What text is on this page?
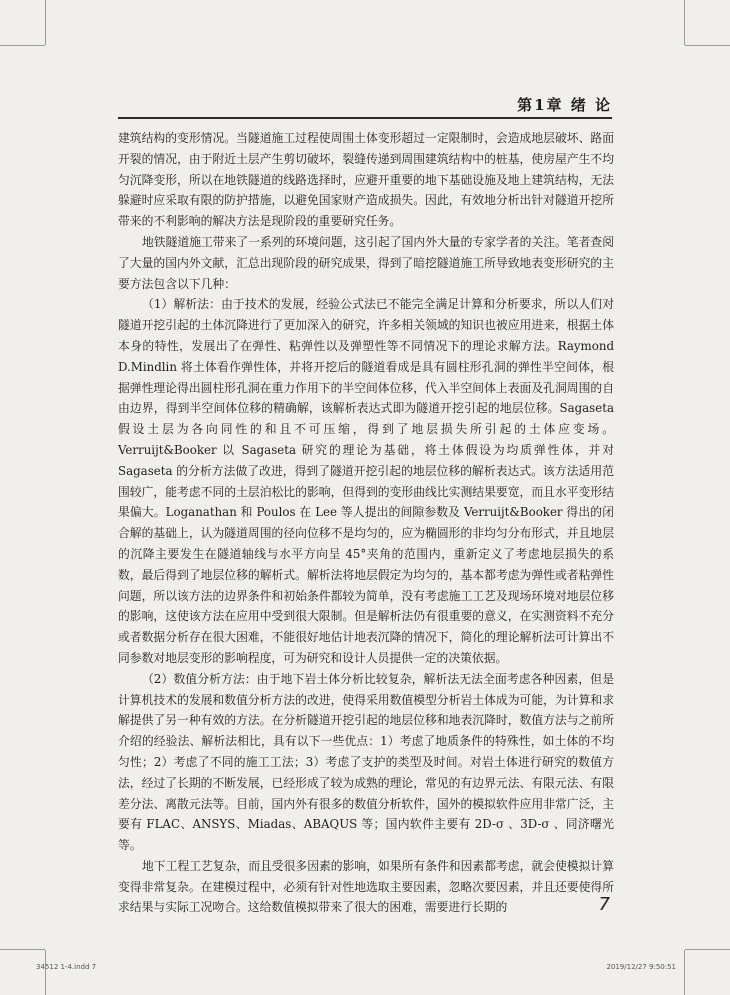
第1章 绪 论

建筑结构的变形情况。当隧道施工过程使周围土体变形超过一定限制时，会造成地层破坏、路面开裂的情况，由于附近土层产生剪切破坏，裂缝传递到周围建筑结构中的桩基，使房屋产生不均匀沉降变形，所以在地铁隧道的线路选择时，应避开重要的地下基础设施及地上建筑结构，无法躲避时应采取有限的防护措施，以避免国家财产造成损失。因此，有效地分析出针对隧道开挖所带来的不利影响的解决方法是现阶段的重要研究任务。

地铁隧道施工带来了一系列的环境问题，这引起了国内外大量的专家学者的关注。笔者查阅了大量的国内外文献，汇总出现阶段的研究成果，得到了暗挖隧道施工所导致地表变形研究的主要方法包含以下几种：

（1）解析法：由于技术的发展，经验公式法已不能完全满足计算和分析要求，所以人们对隧道开挖引起的土体沉降进行了更加深入的研究，许多相关领域的知识也被应用进来，根据土体本身的特性，发展出了在弹性、粘弹性以及弹塑性等不同情况下的理论求解方法。Raymond D.Mindlin 将土体看作弹性体，并将开挖后的隧道看成是具有圆柱形孔洞的弹性半空间体，根据弹性理论得出圆柱形孔洞在重力作用下的半空间体位移，代入半空间体上表面及孔洞周围的自由边界，得到半空间体位移的精确解，该解析表达式即为隧道开挖引起的地层位移。Sagaseta 假设土层为各向同性的和且不可压缩，得到了地层损失所引起的土体应变场。Verruijt&Booker 以 Sagaseta 研究的理论为基础，将土体假设为均质弹性体，并对 Sagaseta 的分析方法做了改进，得到了隧道开挖引起的地层位移的解析表达式。该方法适用范围较广，能考虑不同的土层泊松比的影响，但得到的变形曲线比实测结果要宽，而且水平变形结果偏大。Loganathan 和 Poulos 在 Lee 等人提出的间隙参数及 Verruijt&Booker 得出的闭合解的基础上，认为隧道周围的径向位移不是均匀的，应为椭圆形的非均匀分布形式，并且地层的沉降主要发生在隧道轴线与水平方向呈 45°夹角的范围内，重新定义了考虑地层损失的系数，最后得到了地层位移的解析式。解析法将地层假定为均匀的，基本都考虑为弹性或者粘弹性问题，所以该方法的边界条件和初始条件都较为简单，没有考虑施工工艺及现场环境对地层位移的影响，这使该方法在应用中受到很大限制。但是解析法仍有很重要的意义，在实测资料不充分或者数据分析存在很大困难，不能很好地估计地表沉降的情况下，简化的理论解析法可计算出不同参数对地层变形的影响程度，可为研究和设计人员提供一定的决策依据。

（2）数值分析方法：由于地下岩土体分析比较复杂，解析法无法全面考虑各种因素，但是计算机技术的发展和数值分析方法的改进，使得采用数值模型分析岩土体成为可能，为计算和求解提供了另一种有效的方法。在分析隧道开挖引起的地层位移和地表沉降时，数值方法与之前所介绍的经验法、解析法相比，具有以下一些优点：1）考虑了地质条件的特殊性，如土体的不均匀性；2）考虑了不同的施工工法；3）考虑了支护的类型及时间。对岩土体进行研究的数值方法，经过了长期的不断发展，已经形成了较为成熟的理论，常见的有边界元法、有限元法、有限差分法、离散元法等。目前，国内外有很多的数值分析软件，国外的模拟软件应用非常广泛，主要有 FLAC、ANSYS、Miadas、ABAQUS 等；国内软件主要有 2D-σ 、3D-σ 、同济曙光等。

地下工程工艺复杂，而且受很多因素的影响，如果所有条件和因素都考虑，就会使模拟计算变得非常复杂。在建模过程中，必须有针对性地选取主要因素，忽略次要因素，并且还要使得所求结果与实际工况吻合。这给数值模拟带来了很大的困难，需要进行长期的	7
34512 1-4.indd 7	2019/12/27 9:50:51
